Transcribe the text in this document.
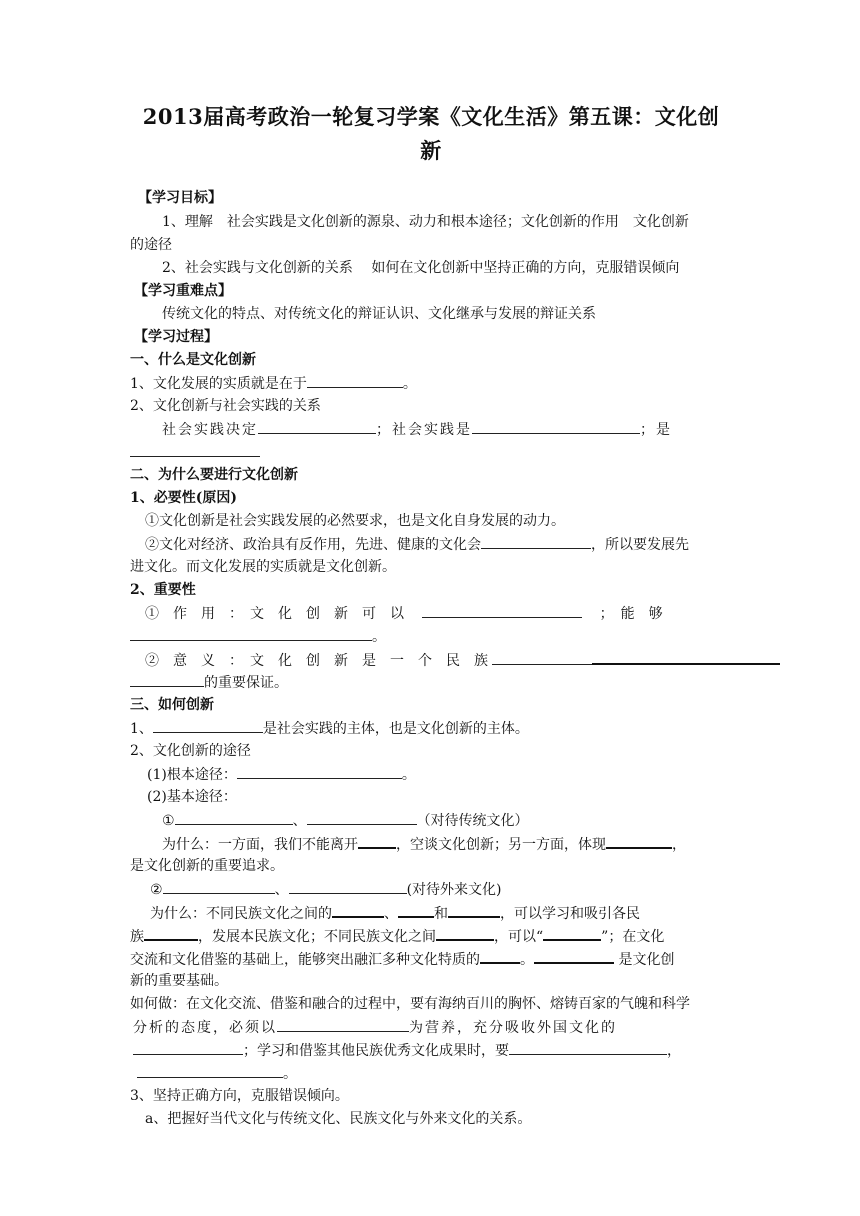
2013届高考政治一轮复习学案《文化生活》第五课：文化创
新
【学习目标】
1、理解　社会实践是文化创新的源泉、动力和根本途径；文化创新的作用　文化创新
的途径
2、社会实践与文化创新的关系　 如何在文化创新中坚持正确的方向，克服错误倾向
【学习重难点】
传统文化的特点、对传统文化的辩证认识、文化继承与发展的辩证关系
【学习过程】
一、什么是文化创新
1、文化发展的实质就是在于	。
2、文化创新与社会实践的关系
社会实践决定	；社会实践是	；是
二、为什么要进行文化创新
1、必要性(原因)
①文化创新是社会实践发展的必然要求，也是文化自身发展的动力。
②文化对经济、政治具有反作用，先进、健康的文化会	，所以要发展先
进文化。而文化发展的实质就是文化创新。
2、重要性
①　作　用　：　文　化　创　新　可　以	；　能　够
。
②　意　义　：　文　化　创　新　是　一　个　民　族
的重要保证。
三、如何创新
1、	是社会实践的主体，也是文化创新的主体。
2、文化创新的途径
(1)根本途径：	。
(2)基本途径：
①	、	（对待传统文化）
为什么：一方面，我们不能离开	，空谈文化创新；另一方面，体现	，
是文化创新的重要追求。
②	、	(对待外来文化)
为什么：不同民族文化之间的	、	和	，可以学习和吸引各民
族	，发展本民族文化；不同民族文化之间	，可以“	”；在文化
交流和文化借鉴的基础上，能够突出融汇多种文化特质的	。	是文化创
新的重要基础。
如何做：在文化交流、借鉴和融合的过程中，要有海纳百川的胸怀、熔铸百家的气魄和科学
分析的态度，必须以	为营养，充分吸收外国文化的
；学习和借鉴其他民族优秀文化成果时，要	，
。
3、坚持正确方向，克服错误倾向。
a、把握好当代文化与传统文化、民族文化与外来文化的关系。
